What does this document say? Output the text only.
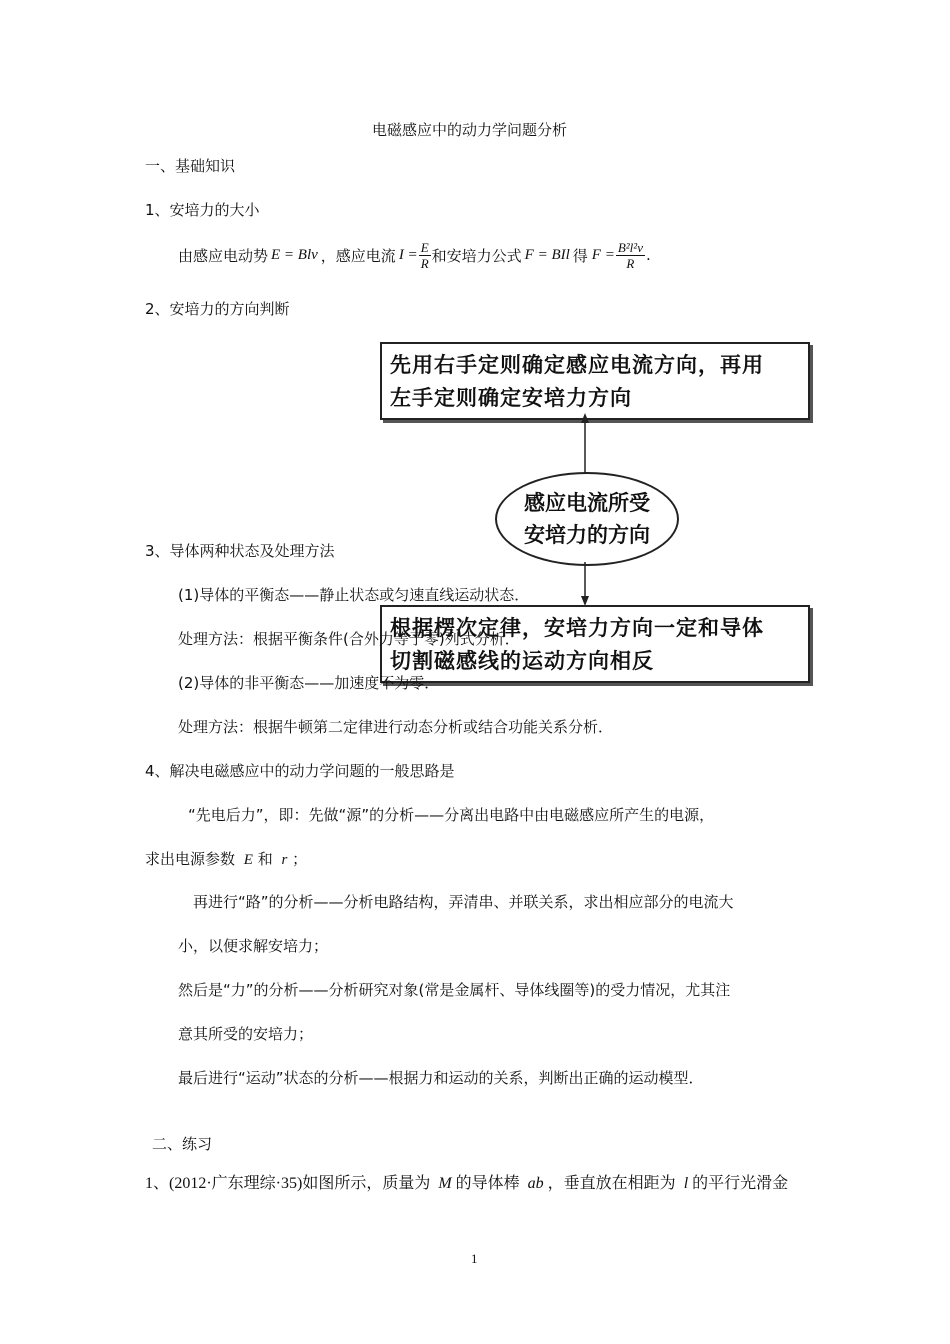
电磁感应中的动力学问题分析
一、基础知识
1、安培力的大小
由感应电动势 E = Blv ，感应电流 $I = \frac{E}{R}$ 和安培力公式 F = BIl 得 $F = \frac{\text{B²l²v}}{R}$ .
2、安培力的方向判断
先用右手定则确定感应电流方向，再用
左手定则确定安培力方向
感应电流所受
安培力的方向
根据楞次定律，安培力方向一定和导体
切割磁感线的运动方向相反
3、导体两种状态及处理方法
(1)导体的平衡态——静止状态或匀速直线运动状态．
处理方法：根据平衡条件(合外力等于零)列式分析．
(2)导体的非平衡态——加速度不为零．
处理方法：根据牛顿第二定律进行动态分析或结合功能关系分析．
4、解决电磁感应中的动力学问题的一般思路是
“先电后力”，即：先做“源”的分析——分离出电路中由电磁感应所产生的电源，
求出电源参数 E 和 r ；
再进行“路”的分析——分析电路结构，弄清串、并联关系，求出相应部分的电流大
小，以便求解安培力；
然后是“力”的分析——分析研究对象(常是金属杆、导体线圈等)的受力情况，尤其注
意其所受的安培力；
最后进行“运动”状态的分析——根据力和运动的关系，判断出正确的运动模型．
二、练习
1、(2012·广东理综·35)如图所示，质量为 M 的导体棒 ab ，垂直放在相距为 l 的平行光滑金
1
